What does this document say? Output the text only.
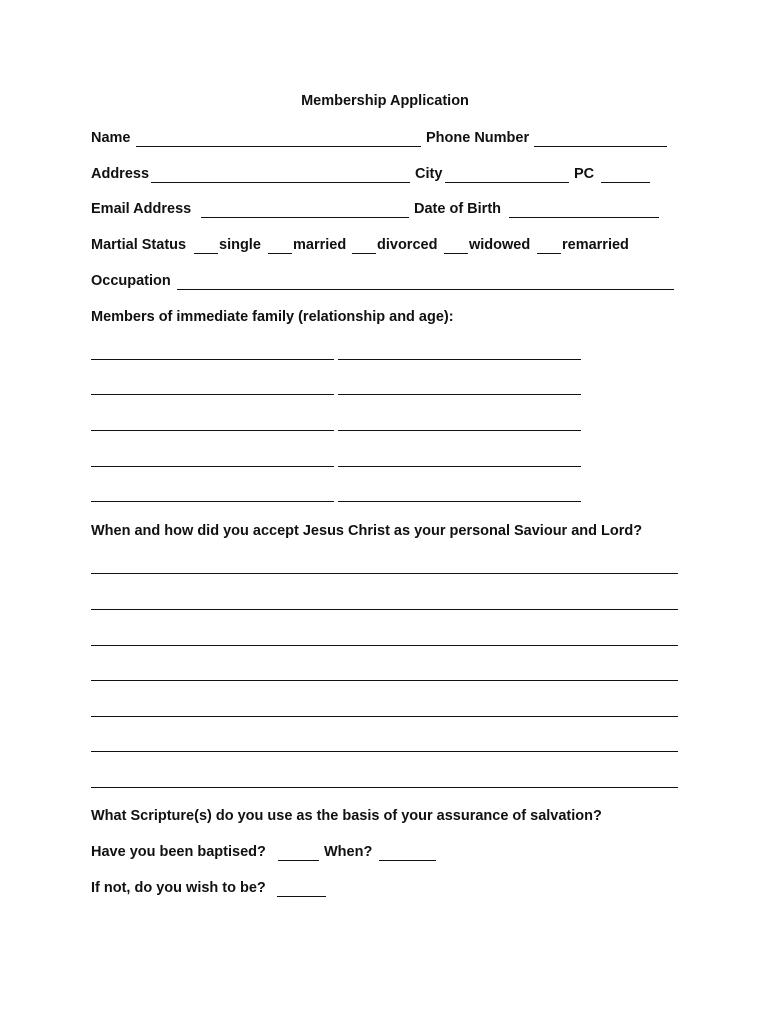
Membership Application
Name	Phone Number
Address	City	PC
Email Address	Date of Birth
Martial Status single married divorced widowed remarried
Occupation
Members of immediate family (relationship and age):
When and how did you accept Jesus Christ as your personal Saviour and Lord?
What Scripture(s) do you use as the basis of your assurance of salvation?
Have you been baptised?	When?
If not, do you wish to be?
